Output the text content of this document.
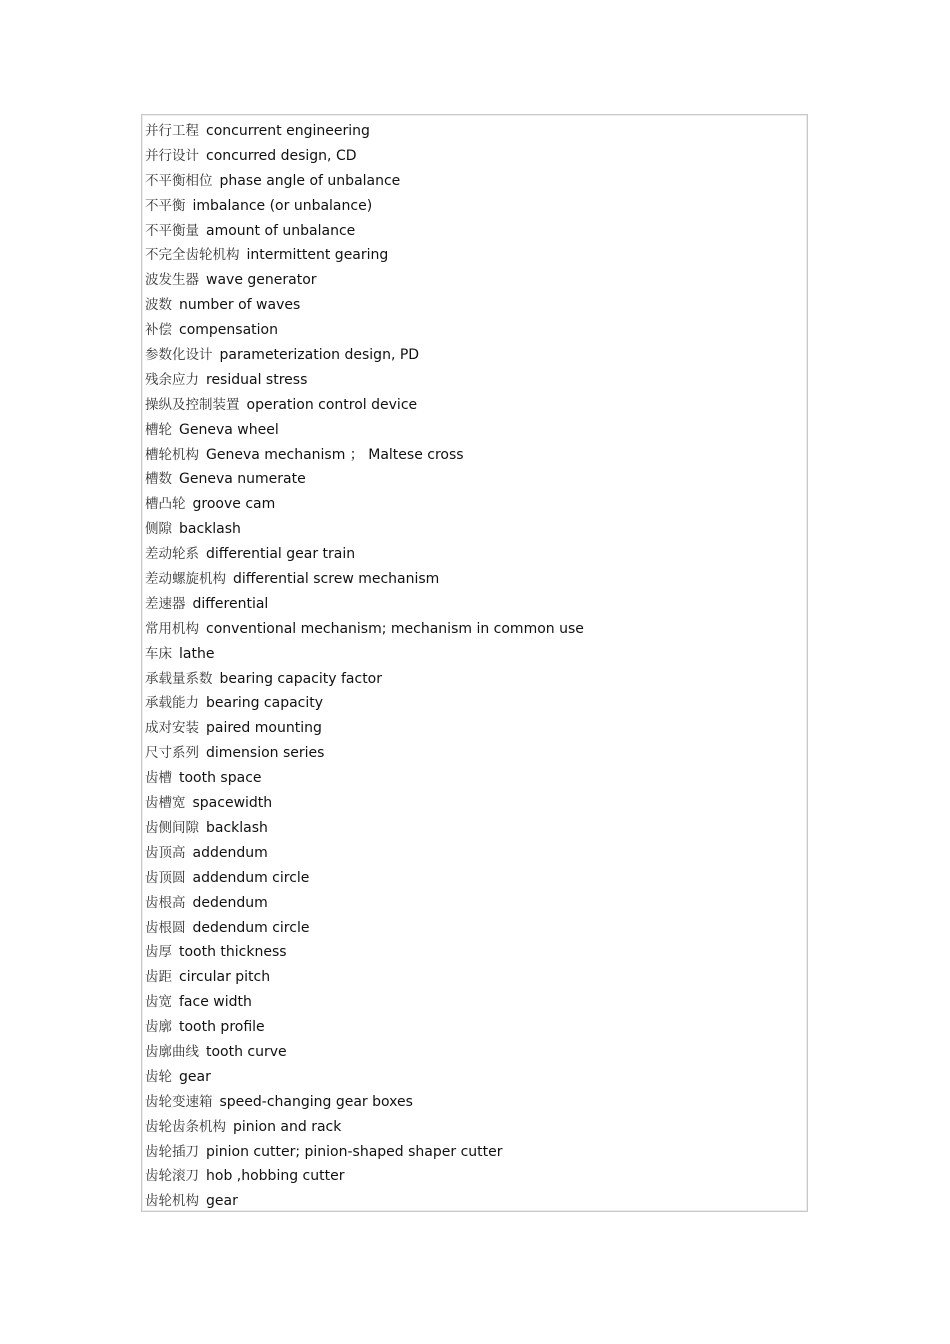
并行工程 concurrent engineering
并行设计 concurred design, CD
不平衡相位 phase angle of unbalance
不平衡 imbalance (or unbalance)
不平衡量 amount of unbalance
不完全齿轮机构 intermittent gearing
波发生器 wave generator
波数 number of waves
补偿 compensation
参数化设计 parameterization design, PD
残余应力 residual stress
操纵及控制装置 operation control device
槽轮 Geneva wheel
槽轮机构 Geneva mechanism ； Maltese cross
槽数 Geneva numerate
槽凸轮 groove cam
侧隙 backlash
差动轮系 differential gear train
差动螺旋机构 differential screw mechanism
差速器 differential
常用机构 conventional mechanism; mechanism in common use
车床 lathe
承载量系数 bearing capacity factor
承载能力 bearing capacity
成对安装 paired mounting
尺寸系列 dimension series
齿槽 tooth space
齿槽宽 spacewidth
齿侧间隙 backlash
齿顶高 addendum
齿顶圆 addendum circle
齿根高 dedendum
齿根圆 dedendum circle
齿厚 tooth thickness
齿距 circular pitch
齿宽 face width
齿廓 tooth profile
齿廓曲线 tooth curve
齿轮 gear
齿轮变速箱 speed-changing gear boxes
齿轮齿条机构 pinion and rack
齿轮插刀 pinion cutter; pinion-shaped shaper cutter
齿轮滚刀 hob ,hobbing cutter
齿轮机构 gear
